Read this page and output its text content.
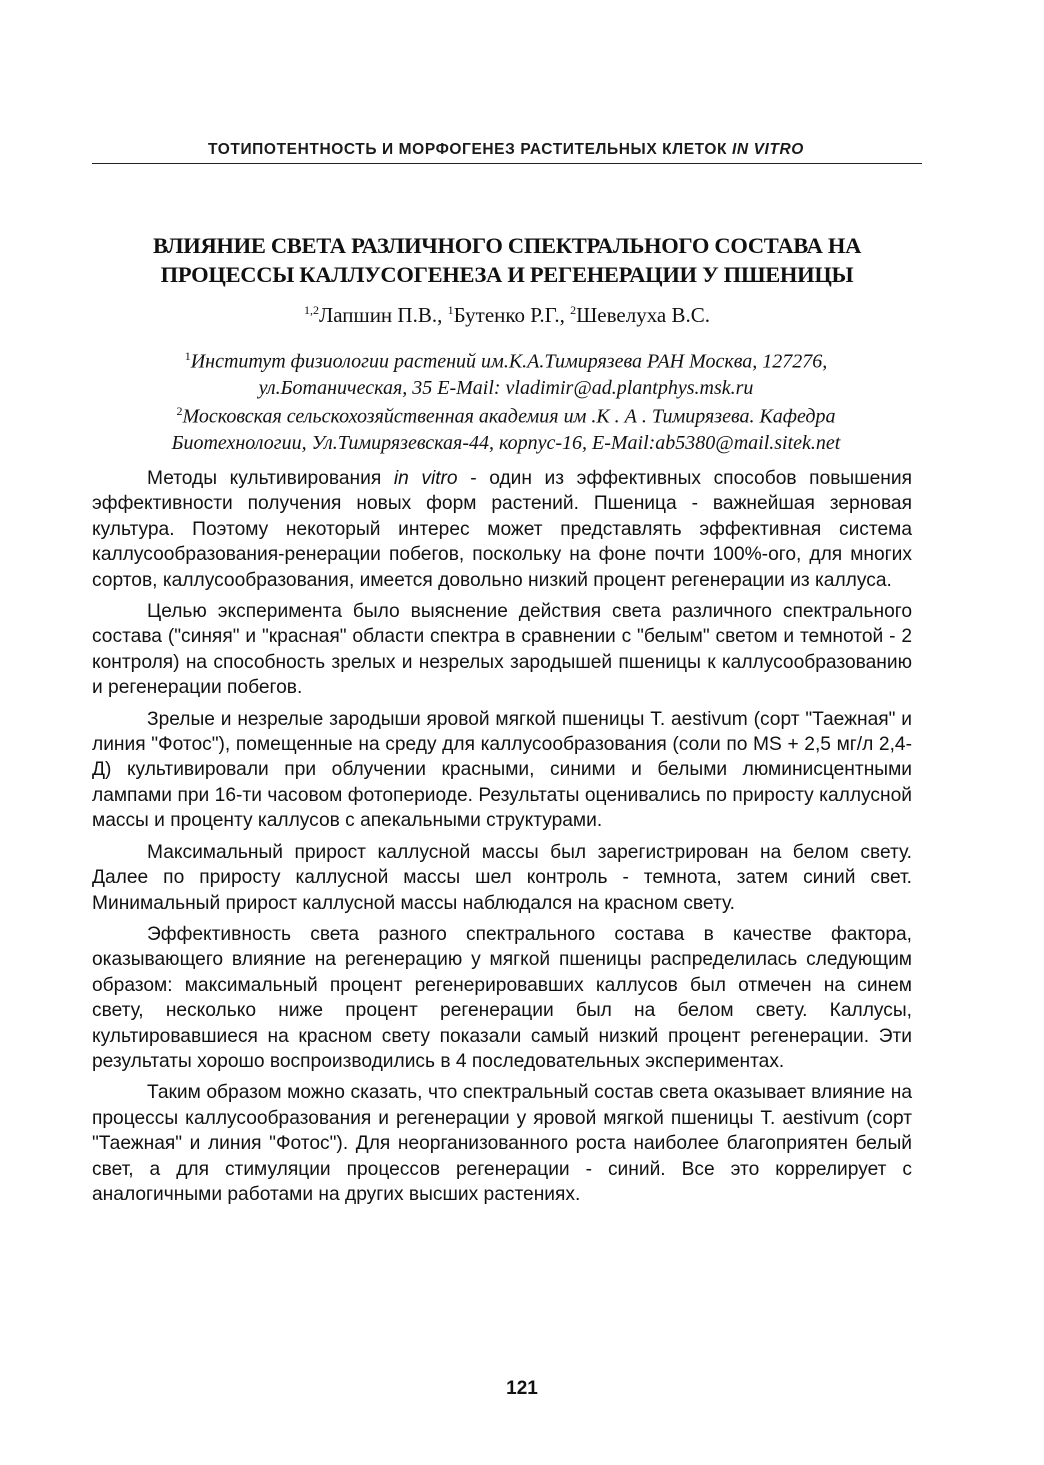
ТОТИПОТЕНТНОСТЬ И МОРФОГЕНЕЗ РАСТИТЕЛЬНЫХ КЛЕТОК IN VITRO
ВЛИЯНИЕ СВЕТА РАЗЛИЧНОГО СПЕКТРАЛЬНОГО СОСТАВА НА
ПРОЦЕССЫ КАЛЛУСОГЕНЕЗА И РЕГЕНЕРАЦИИ У ПШЕНИЦЫ
$^{1,2}$Лапшин П.В., $^1$Бутенко Р.Г., $^2$Шевелуха В.С.
$^1$Институт физиологии растений им.К.А.Тимирязева РАН Москва, 127276,
ул.Ботаническая, 35 E-Mail: vladimir@ad.plantphys.msk.ru
$^2$Московская сельскохозяйственная академия им .К . А . Тимирязева. Кафедра
Биотехнологии, Ул.Тимирязевская-44, корпус-16, E-Mail:ab5380@mail.sitek.net

Методы культивирования in vitro - один из эффективных способов повышения эффективности получения новых форм растений. Пшеница - важнейшая зерновая культура. Поэтому некоторый интерес может представлять эффективная система каллусообразования-ренерации побегов, поскольку на фоне почти 100%-ого, для многих сортов, каллусообразования, имеется довольно низкий процент регенерации из каллуса.

Целью эксперимента было выяснение действия света различного спектрального состава ("синяя" и "красная" области спектра в сравнении с "белым" светом и темнотой - 2 контроля) на способность зрелых и незрелых зародышей пшеницы к каллусообразованию и регенерации побегов.

Зрелые и незрелые зародыши яровой мягкой пшеницы T. aestivum (сорт "Таежная" и линия "Фотос"), помещенные на среду для каллусообразования (соли по MS + 2,5 мг/л 2,4-Д) культивировали при облучении красными, синими и белыми люминисцентными лампами при 16-ти часовом фотопериоде. Результаты оценивались по приросту каллусной массы и проценту каллусов с апекальными структурами.

Максимальный прирост каллусной массы был зарегистрирован на белом свету. Далее по приросту каллусной массы шел контроль - темнота, затем синий свет. Минимальный прирост каллусной массы наблюдался на красном свету.

Эффективность света разного спектрального состава в качестве фактора, оказывающего влияние на регенерацию у мягкой пшеницы распределилась следующим образом: максимальный процент регенерировавших каллусов был отмечен на синем свету, несколько ниже процент регенерации был на белом свету. Каллусы, культировавшиеся на красном свету показали самый низкий процент регенерации. Эти результаты хорошо воспроизводились в 4 последовательных экспериментах.

Таким образом можно сказать, что спектральный состав света оказывает влияние на процессы каллусообразования и регенерации у яровой мягкой пшеницы T. aestivum (сорт "Таежная" и линия "Фотос"). Для неорганизованного роста наиболее благоприятен белый свет, а для стимуляции процессов регенерации - синий. Все это коррелирует с аналогичными работами на других высших растениях.

121
